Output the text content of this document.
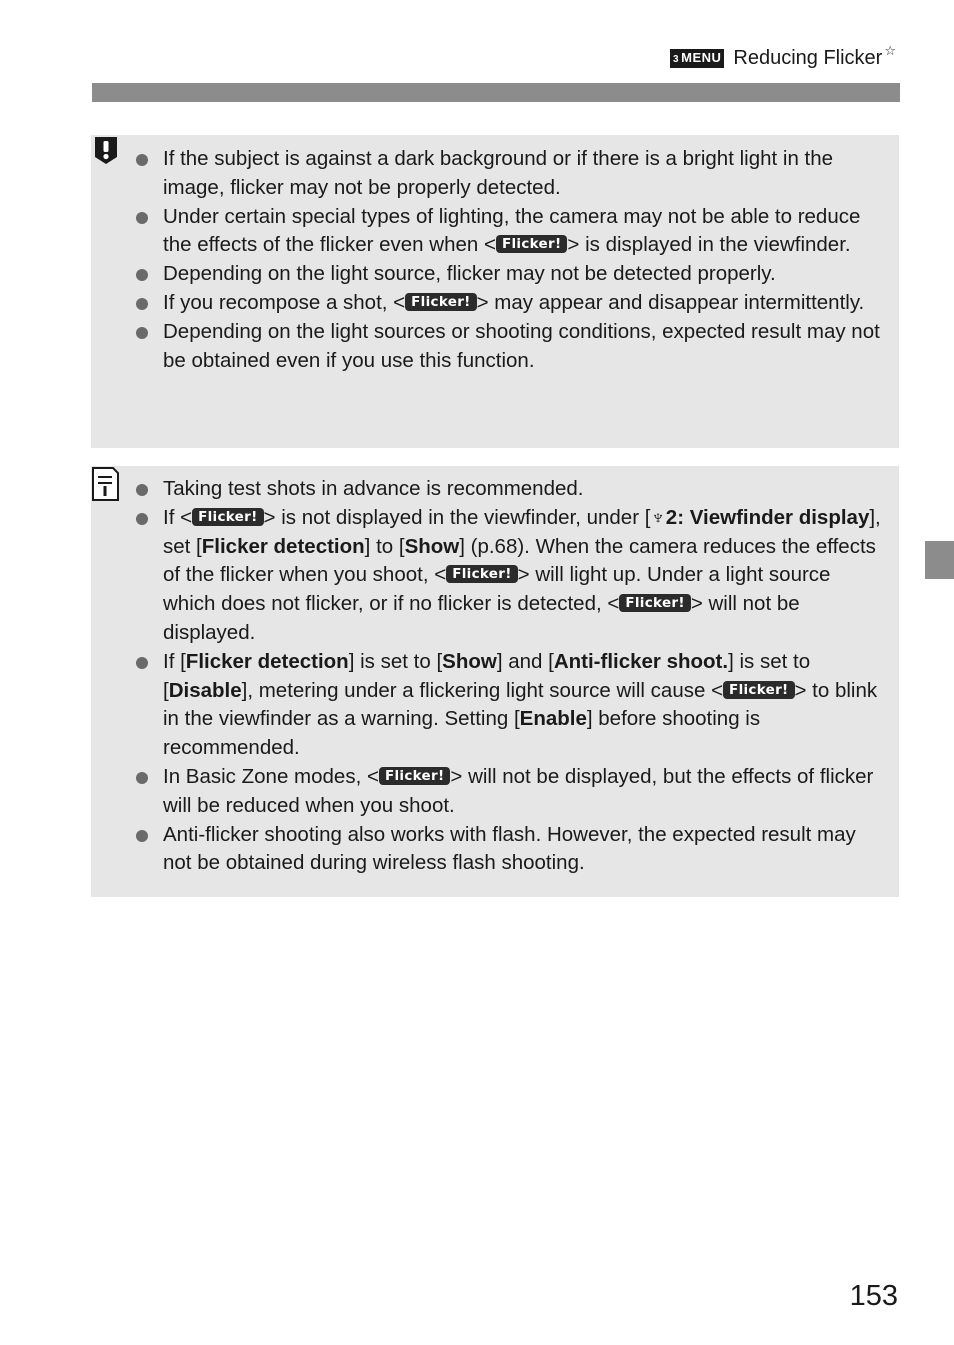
3 MENU Reducing Flicker ☆
If the subject is against a dark background or if there is a bright light in the image, flicker may not be properly detected.
Under certain special types of lighting, the camera may not be able to reduce the effects of the flicker even when < Flicker! > is displayed in the viewfinder.
Depending on the light source, flicker may not be detected properly.
If you recompose a shot, < Flicker! > may appear and disappear intermittently.
Depending on the light sources or shooting conditions, expected result may not be obtained even if you use this function.
Taking test shots in advance is recommended.
If < Flicker! > is not displayed in the viewfinder, under [♆2: Viewfinder display], set [Flicker detection] to [Show] (p.68). When the camera reduces the effects of the flicker when you shoot, < Flicker! > will light up. Under a light source which does not flicker, or if no flicker is detected, < Flicker! > will not be displayed.
If [Flicker detection] is set to [Show] and [Anti-flicker shoot.] is set to [Disable], metering under a flickering light source will cause < Flicker! > to blink in the viewfinder as a warning. Setting [Enable] before shooting is recommended.
In Basic Zone modes, < Flicker! > will not be displayed, but the effects of flicker will be reduced when you shoot.
Anti-flicker shooting also works with flash. However, the expected result may not be obtained during wireless flash shooting.
153
